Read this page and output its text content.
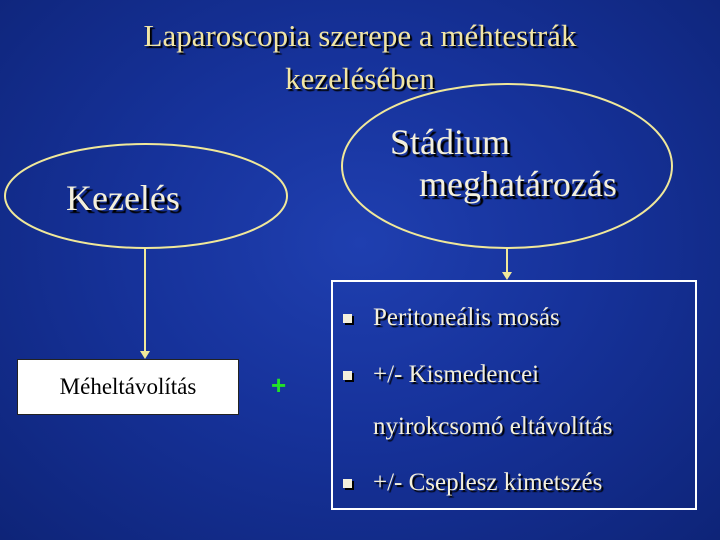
Laparoscopia szerepe a méhtestrák
kezelésében
Kezelés
Stádium
meghatározás
Méheltávolítás	+
Peritoneális mosás
+/- Kismedencei
nyirokcsomó eltávolítás
+/- Cseplesz kimetszés
